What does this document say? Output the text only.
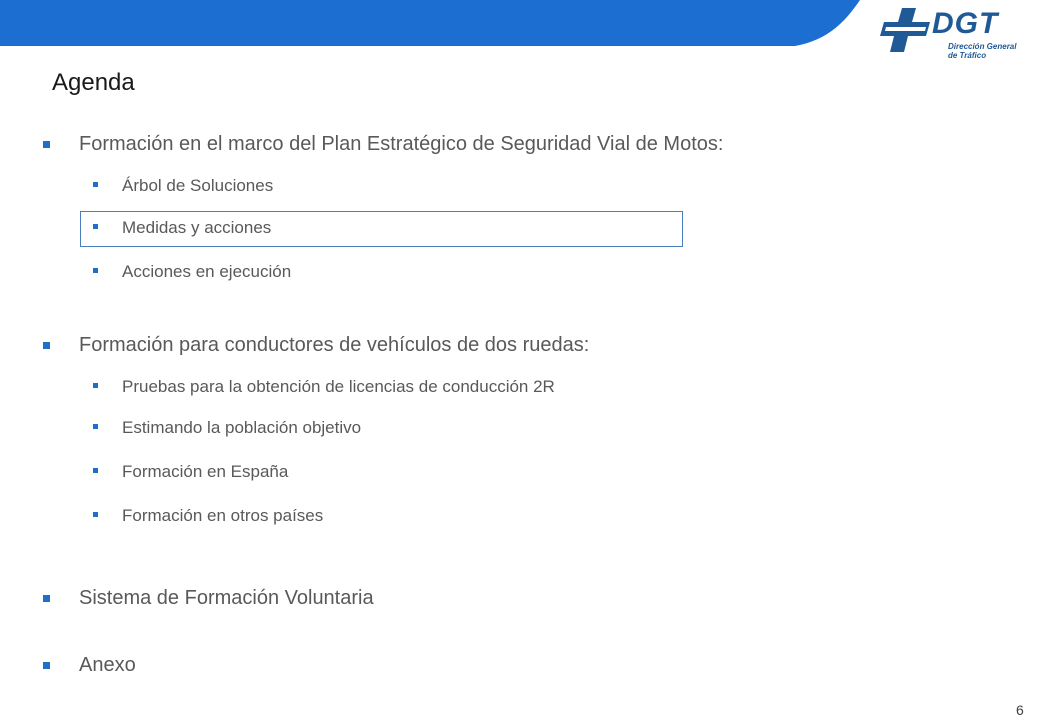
DGT
Dirección General
de Tráfico
Agenda
Formación en el marco del Plan Estratégico de Seguridad Vial de Motos:
Árbol de Soluciones
Medidas y acciones
Acciones en ejecución
Formación para conductores de vehículos de dos ruedas:
Pruebas para la obtención de licencias de conducción 2R
Estimando la población objetivo
Formación en España
Formación en otros países
Sistema de Formación Voluntaria
Anexo
6
